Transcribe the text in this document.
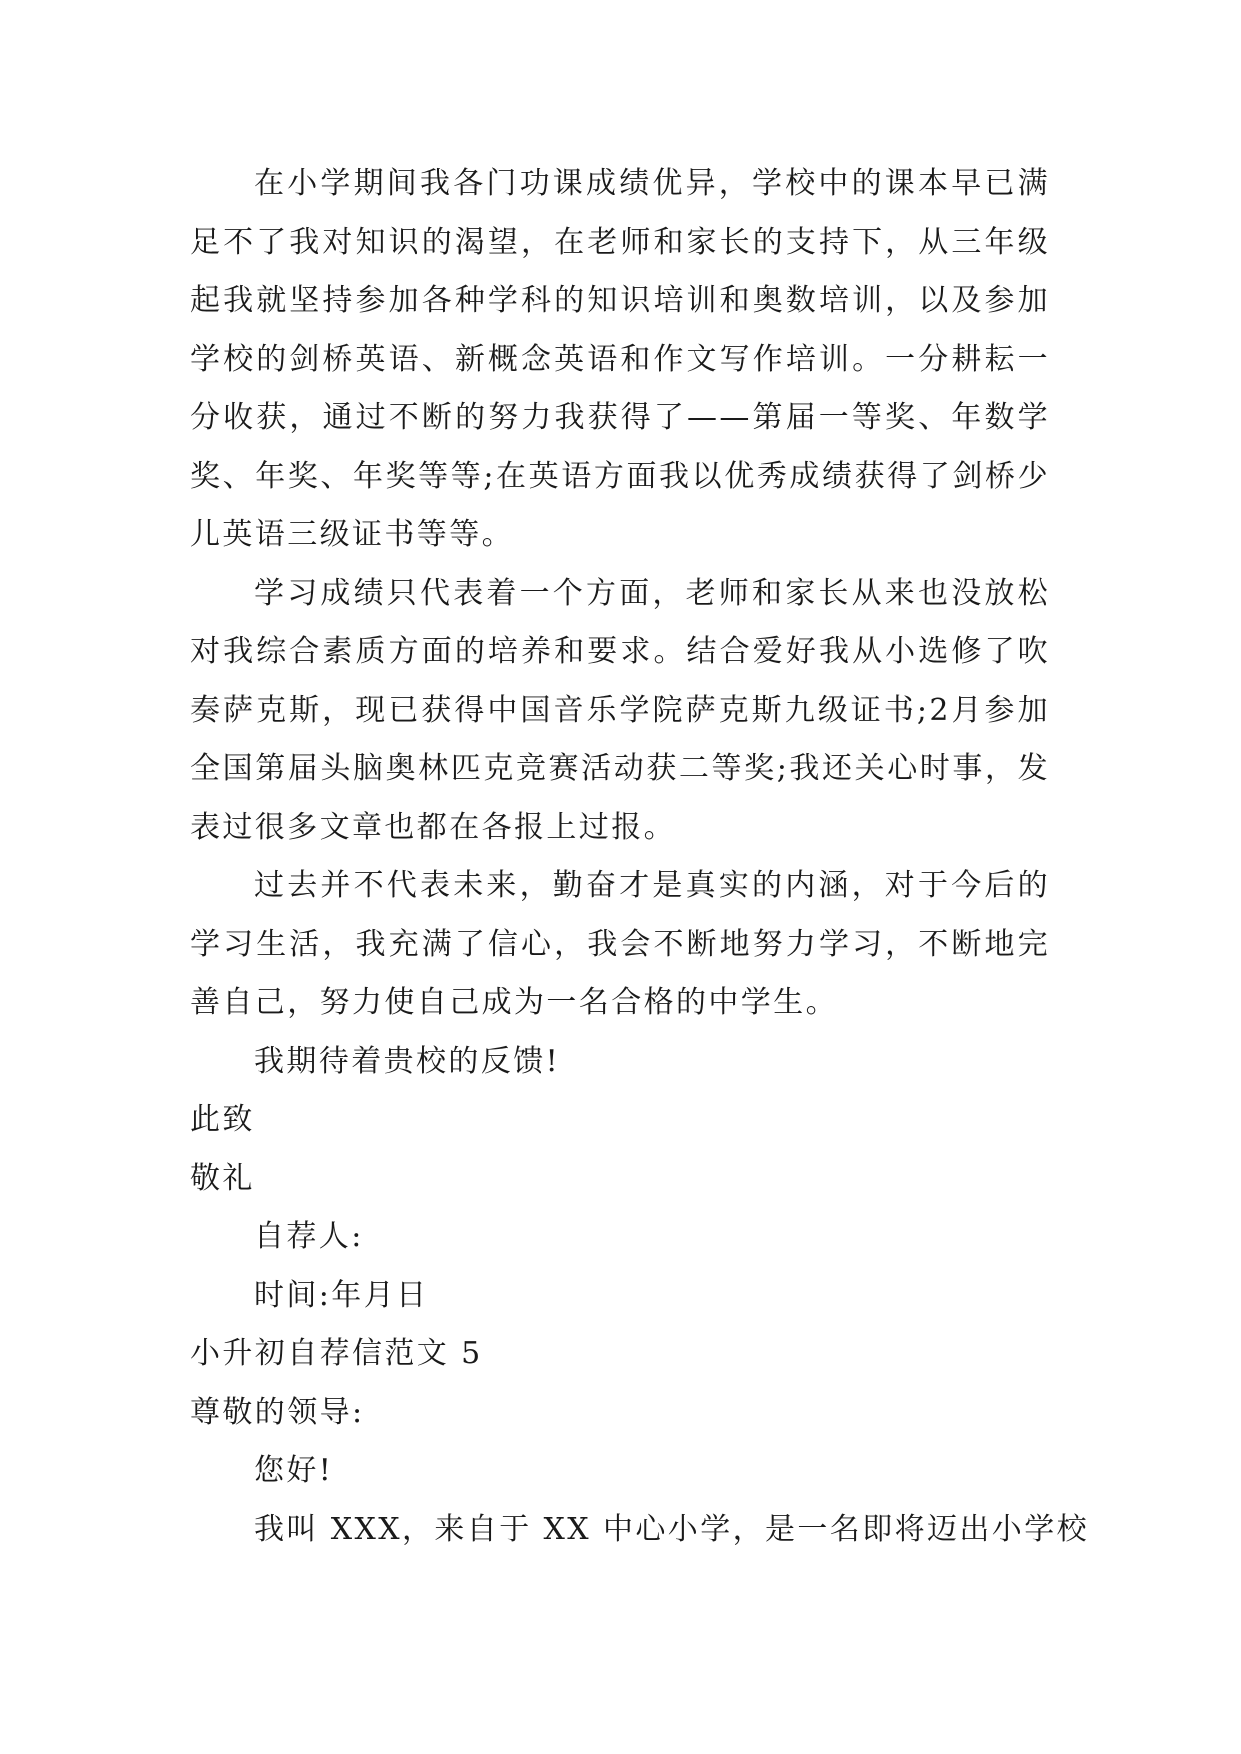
在小学期间我各门功课成绩优异，学校中的课本早已满足不了我对知识的渴望，在老师和家长的支持下，从三年级起我就坚持参加各种学科的知识培训和奥数培训，以及参加学校的剑桥英语、新概念英语和作文写作培训。一分耕耘一分收获，通过不断的努力我获得了——第届一等奖、年数学奖、年奖、年奖等等;在英语方面我以优秀成绩获得了剑桥少儿英语三级证书等等。

学习成绩只代表着一个方面，老师和家长从来也没放松对我综合素质方面的培养和要求。结合爱好我从小选修了吹奏萨克斯，现已获得中国音乐学院萨克斯九级证书;2月参加全国第届头脑奥林匹克竞赛活动获二等奖;我还关心时事，发表过很多文章也都在各报上过报。

过去并不代表未来，勤奋才是真实的内涵，对于今后的学习生活，我充满了信心，我会不断地努力学习，不断地完善自己，努力使自己成为一名合格的中学生。

我期待着贵校的反馈!

此致

敬礼

自荐人:

时间:年月日

小升初自荐信范文 5

尊敬的领导:

您好!

我叫 XXX，来自于 XX 中心小学，是一名即将迈出小学校
